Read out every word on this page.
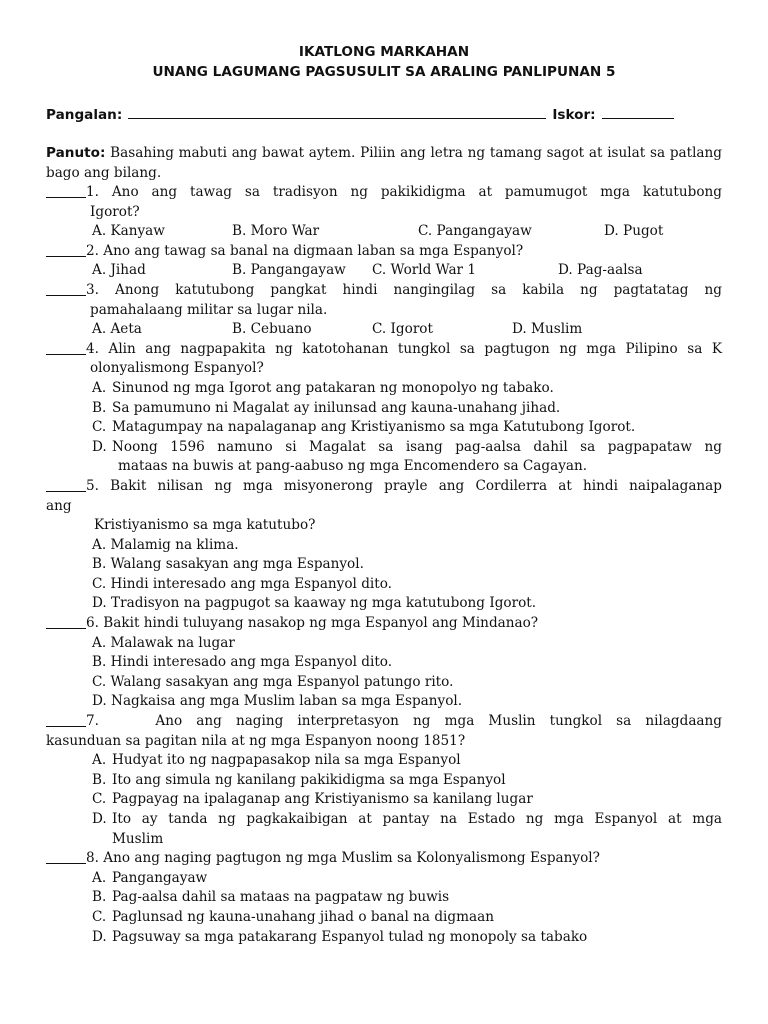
IKATLONG MARKAHAN
UNANG LAGUMANG PAGSUSULIT SA ARALING PANLIPUNAN 5
Pangalan:	Iskor:
Panuto: Basahing mabuti ang bawat aytem. Piliin ang letra ng tamang sagot at isulat sa patlang bago ang bilang.
1. Ano ang tawag sa tradisyon ng pakikidigma at pamumugot mga katutubong
Igorot?
A. Kanyaw	B. Moro War	C. Pangangayaw	D. Pugot
2. Ano ang tawag sa banal na digmaan laban sa mga Espanyol?
A. Jihad	B. Pangangayaw	C. World War 1	D. Pag-aalsa
3. Anong katutubong pangkat hindi nangingilag sa kabila ng pagtatatag ng
pamahalaang militar sa lugar nila.
A. Aeta	B. Cebuano	C. Igorot	D. Muslim
4. Alin ang nagpapakita ng katotohanan tungkol sa pagtugon ng mga Pilipino sa K
olonyalismong Espanyol?
A. Sinunod ng mga Igorot ang patakaran ng monopolyo ng tabako.
B. Sa pamumuno ni Magalat ay inilunsad ang kauna-unahang jihad.
C. Matagumpay na napalaganap ang Kristiyanismo sa mga Katutubong Igorot.
D. Noong 1596 namuno si Magalat sa isang pag-aalsa dahil sa pagpapataw ng
mataas na buwis at pang-aabuso ng mga Encomendero sa Cagayan.
5. Bakit nilisan ng mga misyonerong prayle ang Cordilerra at hindi naipalaganap
ang
Kristiyanismo sa mga katutubo?
A. Malamig na klima.
B. Walang sasakyan ang mga Espanyol.
C. Hindi interesado ang mga Espanyol dito.
D. Tradisyon na pagpugot sa kaaway ng mga katutubong Igorot.
6. Bakit hindi tuluyang nasakop ng mga Espanyol ang Mindanao?
A. Malawak na lugar
B. Hindi interesado ang mga Espanyol dito.
C. Walang sasakyan ang mga Espanyol patungo rito.
D. Nagkaisa ang mga Muslim laban sa mga Espanyol.
7.    Ano ang naging interpretasyon ng mga Muslin tungkol sa nilagdaang
kasunduan sa pagitan nila at ng mga Espanyon noong 1851?
A. Hudyat ito ng nagpapasakop nila sa mga Espanyol
B. Ito ang simula ng kanilang pakikidigma sa mga Espanyol
C. Pagpayag na ipalaganap ang Kristiyanismo sa kanilang lugar
D. Ito ay tanda ng pagkakaibigan at pantay na Estado ng mga Espanyol at mga
Muslim
8. Ano ang naging pagtugon ng mga Muslim sa Kolonyalismong Espanyol?
A. Pangangayaw
B. Pag-aalsa dahil sa mataas na pagpataw ng buwis
C. Paglunsad ng kauna-unahang jihad o banal na digmaan
D. Pagsuway sa mga patakarang Espanyol tulad ng monopoly sa tabako
